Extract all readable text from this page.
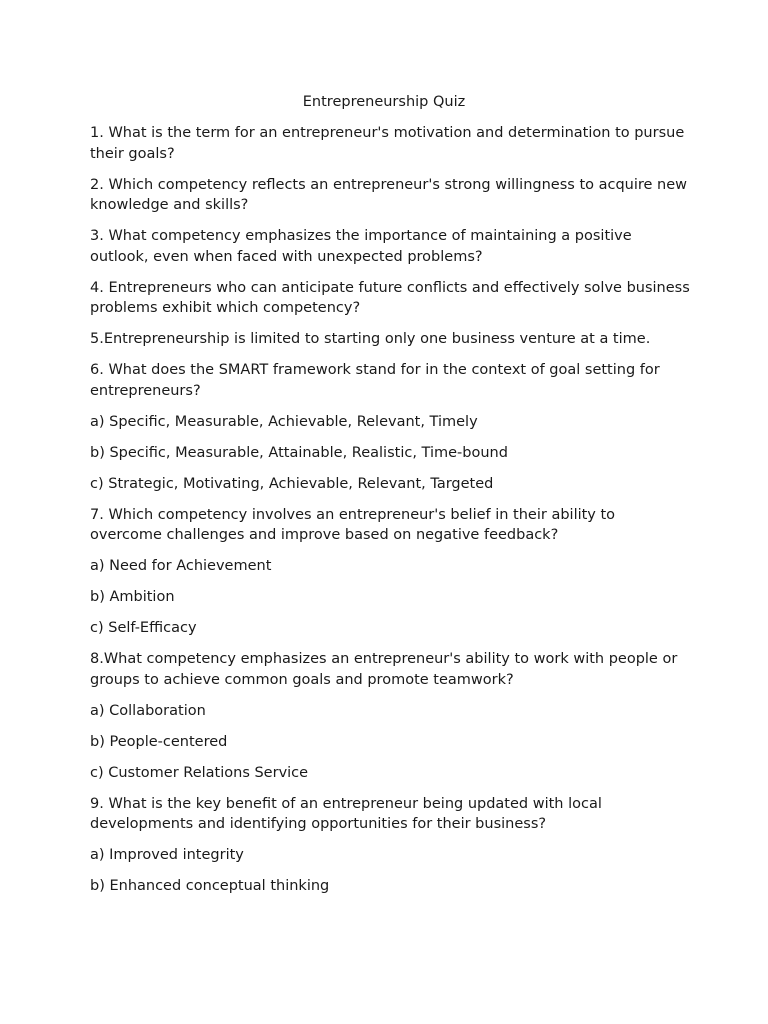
Entrepreneurship Quiz

1. What is the term for an entrepreneur's motivation and determination to pursue their goals?

2. Which competency reflects an entrepreneur's strong willingness to acquire new knowledge and skills?

3. What competency emphasizes the importance of maintaining a positive outlook, even when faced with unexpected problems?

4. Entrepreneurs who can anticipate future conflicts and effectively solve business problems exhibit which competency?

5.Entrepreneurship is limited to starting only one business venture at a time.

6. What does the SMART framework stand for in the context of goal setting for entrepreneurs?

a) Specific, Measurable, Achievable, Relevant, Timely

b) Specific, Measurable, Attainable, Realistic, Time-bound

c) Strategic, Motivating, Achievable, Relevant, Targeted

7. Which competency involves an entrepreneur's belief in their ability to overcome challenges and improve based on negative feedback?

a) Need for Achievement

b) Ambition

c) Self-Efficacy

8.What competency emphasizes an entrepreneur's ability to work with people or groups to achieve common goals and promote teamwork?

a) Collaboration

b) People-centered

c) Customer Relations Service

9. What is the key benefit of an entrepreneur being updated with local developments and identifying opportunities for their business?

a) Improved integrity

b) Enhanced conceptual thinking
